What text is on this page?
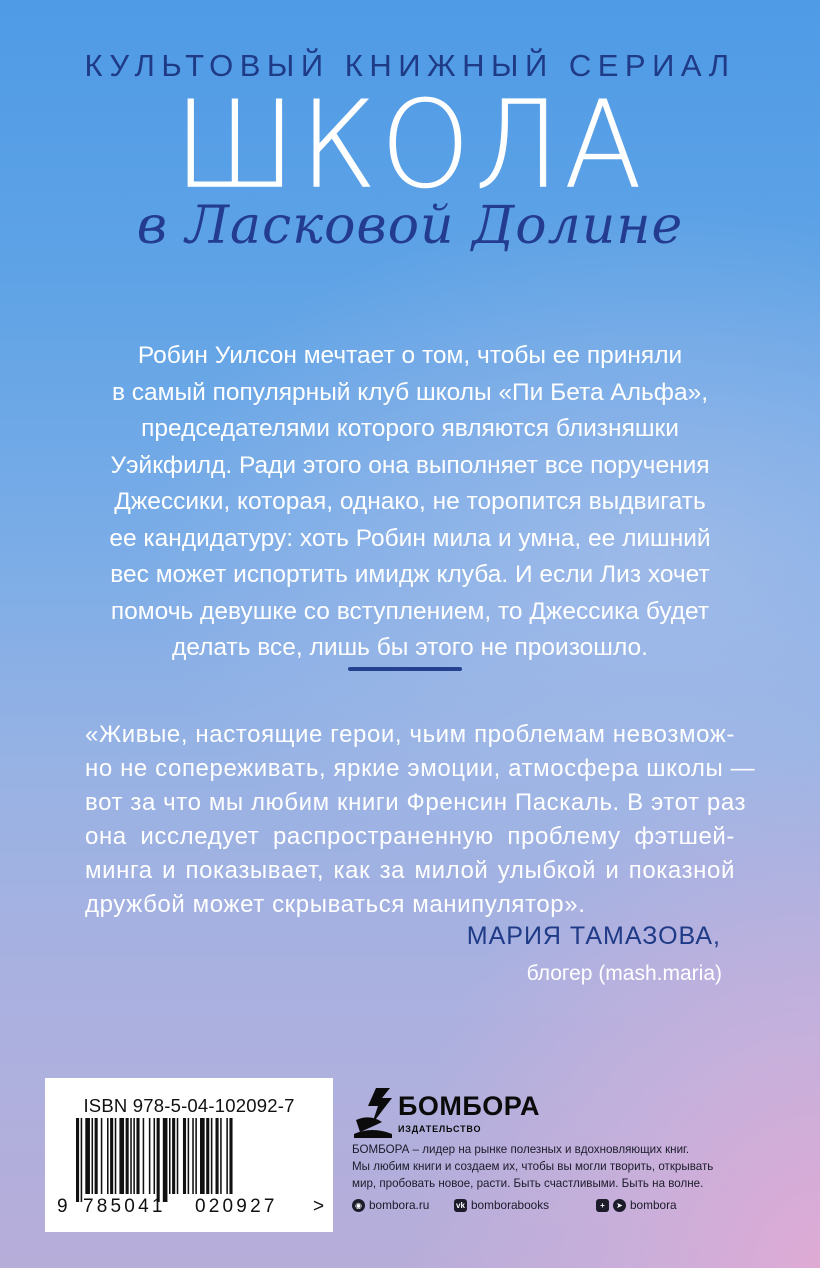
КУЛЬТОВЫЙ КНИЖНЫЙ СЕРИАЛ
ШКОЛА
в Ласковой Долине
Робин Уилсон мечтает о том, чтобы ее приняли
в самый популярный клуб школы «Пи Бета Альфа»,
председателями которого являются близняшки
Уэйкфилд. Ради этого она выполняет все поручения
Джессики, которая, однако, не торопится выдвигать
ее кандидатуру: хоть Робин мила и умна, ее лишний
вес может испортить имидж клуба. И если Лиз хочет
помочь девушке со вступлением, то Джессика будет
делать все, лишь бы этого не произошло.
«Живые, настоящие герои, чьим проблемам невозмож-
но не сопереживать, яркие эмоции, атмосфера школы —
вот за что мы любим книги Френсин Паскаль. В этот раз
она исследует распространенную проблему фэтшей-
минга и показывает, как за милой улыбкой и показной
дружбой может скрываться манипулятор».
МАРИЯ ТАМАЗОВА,
блогер (mash.maria)
ISBN 978-5-04-102092-7
9 785041 020927 >
БОМБОРА
ИЗДАТЕЛЬСТВО
БОМБОРА – лидер на рынке полезных и вдохновляющих книг.
Мы любим книги и создаем их, чтобы вы могли творить, открывать
мир, пробовать новое, расти. Быть счастливыми. Быть на волне.
◉ bombora.ru	vk bomborabooks	+	➤ bombora
